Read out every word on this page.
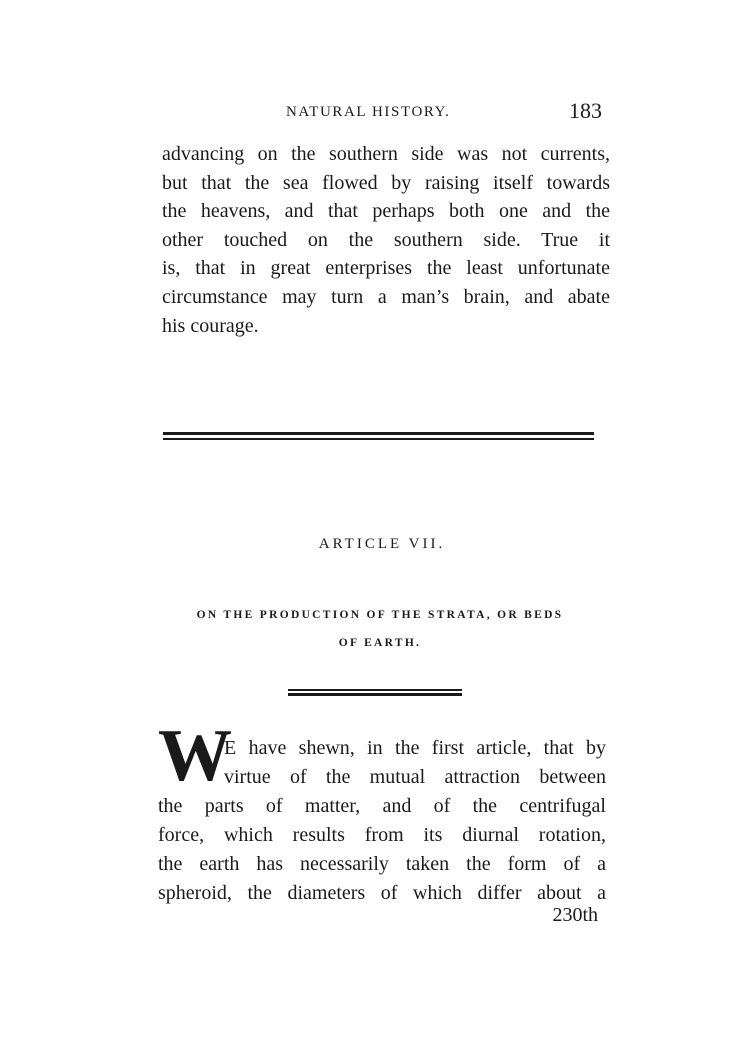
NATURAL HISTORY.	183
advancing on the southern side was not currents,
but that the sea flowed by raising itself towards
the heavens, and that perhaps both one and the
other touched on the southern side. True it
is, that in great enterprises the least unfortunate
circumstance may turn a man’s brain, and abate
his courage.
ARTICLE VII.
ON THE PRODUCTION OF THE STRATA, OR BEDS
OF EARTH.
W
E have shewn, in the first article, that by
virtue of the mutual attraction between
the parts of matter, and of the centrifugal
force, which results from its diurnal rotation,
the earth has necessarily taken the form of a
spheroid, the diameters of which differ about a
230th
